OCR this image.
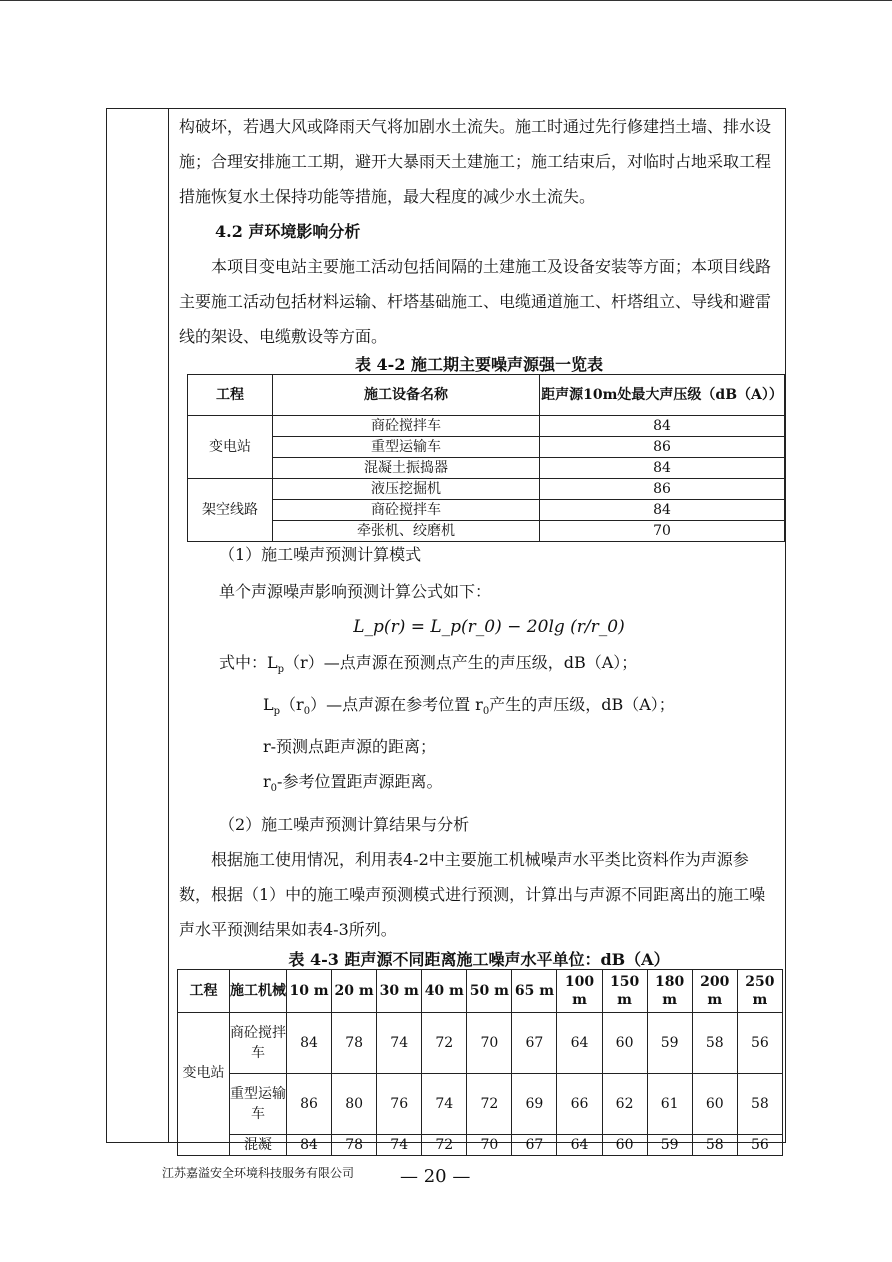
构破坏，若遇大风或降雨天气将加剧水土流失。施工时通过先行修建挡土墙、排水设施；合理安排施工工期，避开大暴雨天土建施工；施工结束后，对临时占地采取工程措施恢复水土保持功能等措施，最大程度的减少水土流失。

4.2 声环境影响分析

本项目变电站主要施工活动包括间隔的土建施工及设备安装等方面；本项目线路主要施工活动包括材料运输、杆塔基础施工、电缆通道施工、杆塔组立、导线和避雷线的架设、电缆敷设等方面。

表 4-2 施工期主要噪声源强一览表
工程	施工设备名称	距声源10m处最大声压级（dB（A））
变电站	商砼搅拌车	84
	重型运输车	86
	混凝土振捣器	84
架空线路	液压挖掘机	86
	商砼搅拌车	84
	牵张机、绞磨机	70

（1）施工噪声预测计算模式

单个声源噪声影响预测计算公式如下：

L_p(r) = L_p(r_0) − 20lg (r/r_0)

式中：$L_p(r)—$点声源在预测点产生的声压级，dB（A）；

$L_p(r_0)—$点声源在参考位置 $r_0$产生的声压级，dB（A）；

r-预测点距声源的距离；

$r_0-$参考位置距声源距离。

（2）施工噪声预测计算结果与分析

根据施工使用情况，利用表4-2中主要施工机械噪声水平类比资料作为声源参数，根据（1）中的施工噪声预测模式进行预测，计算出与声源不同距离出的施工噪声水平预测结果如表4-3所列。

表 4-3 距声源不同距离施工噪声水平单位：dB（A）
工程	施工机械	10 m	20 m	30 m	40 m	50 m	65 m	100 m	150 m	180 m	200 m	250 m
变电站	商砼搅拌车	84	78	74	72	70	67	64	60	59	58	56
	重型运输车	86	80	76	74	72	69	66	62	61	60	58
	混凝	84	78	74	72	70	67	64	60	59	58	56
江苏嘉溢安全环境科技服务有限公司	— 20 —
